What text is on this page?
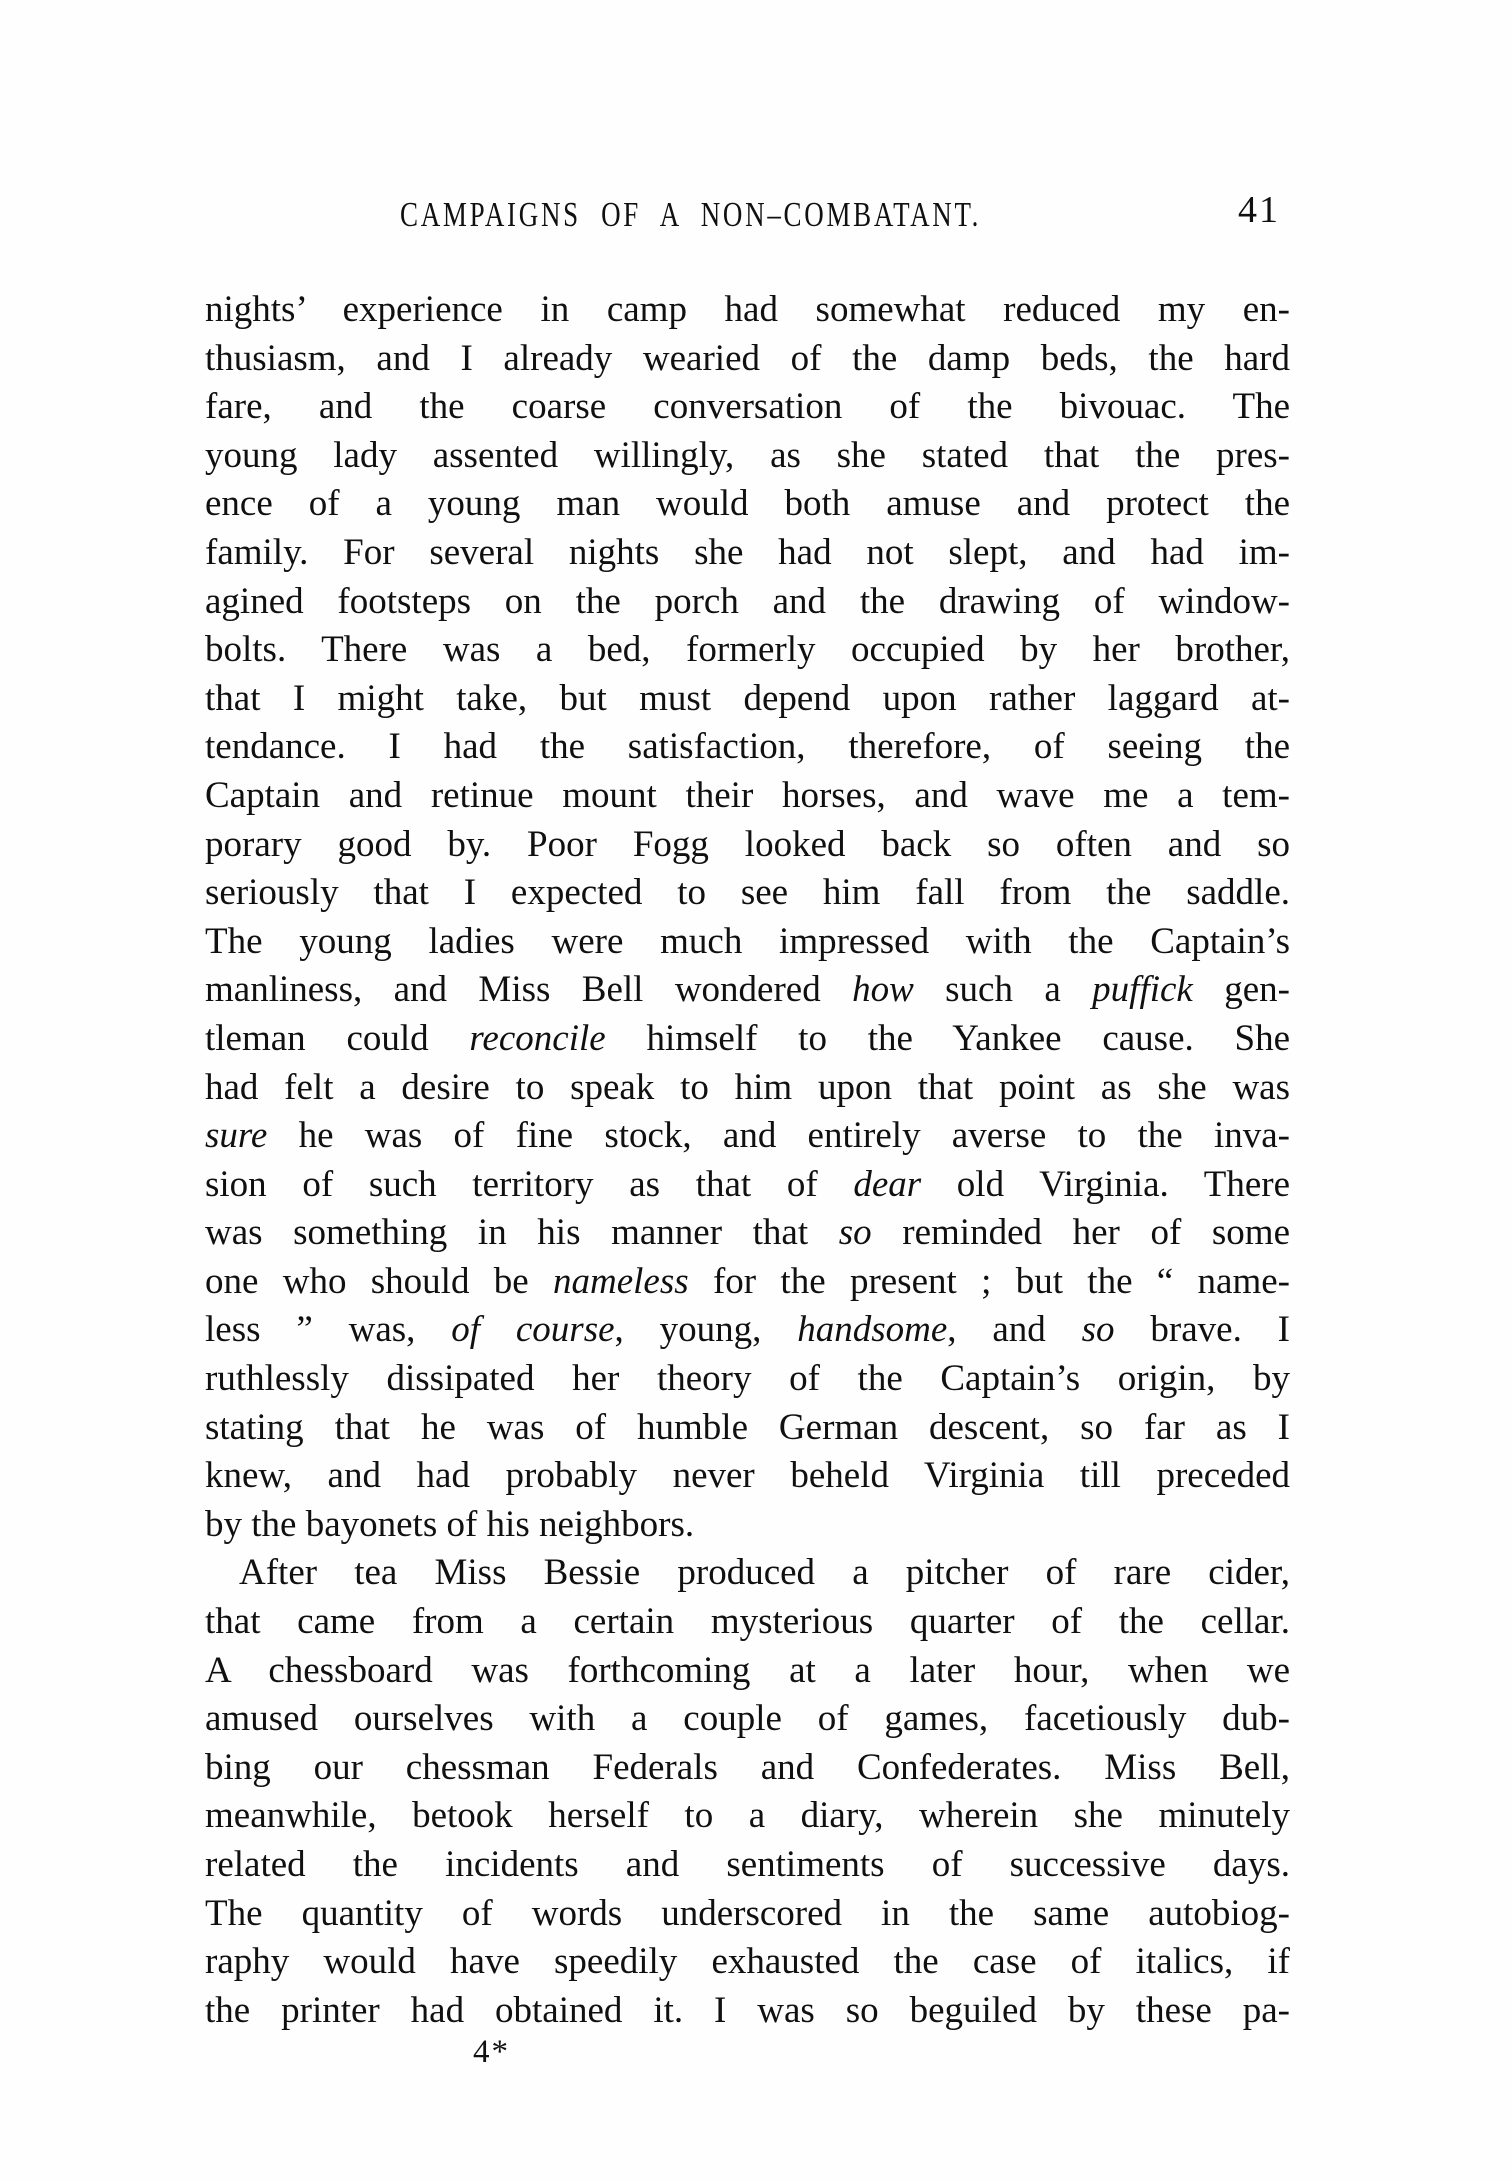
CAMPAIGNS OF A NON–COMBATANT.	41
nights’ experience in camp had somewhat reduced my en-
thusiasm, and I already wearied of the damp beds, the hard
fare, and the coarse conversation of the bivouac. The
young lady assented willingly, as she stated that the pres-
ence of a young man would both amuse and protect the
family. For several nights she had not slept, and had im-
agined footsteps on the porch and the drawing of window-
bolts. There was a bed, formerly occupied by her brother,
that I might take, but must depend upon rather laggard at-
tendance. I had the satisfaction, therefore, of seeing the
Captain and retinue mount their horses, and wave me a tem-
porary good by. Poor Fogg looked back so often and so
seriously that I expected to see him fall from the saddle.
The young ladies were much impressed with the Captain’s
manliness, and Miss Bell wondered how such a puffick gen-
tleman could reconcile himself to the Yankee cause. She
had felt a desire to speak to him upon that point as she was
sure he was of fine stock, and entirely averse to the inva-
sion of such territory as that of dear old Virginia. There
was something in his manner that so reminded her of some
one who should be nameless for the present ; but the “ name-
less ” was, of course, young, handsome, and so brave. I
ruthlessly dissipated her theory of the Captain’s origin, by
stating that he was of humble German descent, so far as I
knew, and had probably never beheld Virginia till preceded
by the bayonets of his neighbors.
After tea Miss Bessie produced a pitcher of rare cider,
that came from a certain mysterious quarter of the cellar.
A chessboard was forthcoming at a later hour, when we
amused ourselves with a couple of games, facetiously dub-
bing our chessman Federals and Confederates. Miss Bell,
meanwhile, betook herself to a diary, wherein she minutely
related the incidents and sentiments of successive days.
The quantity of words underscored in the same autobiog-
raphy would have speedily exhausted the case of italics, if
the printer had obtained it. I was so beguiled by these pa-
4*
